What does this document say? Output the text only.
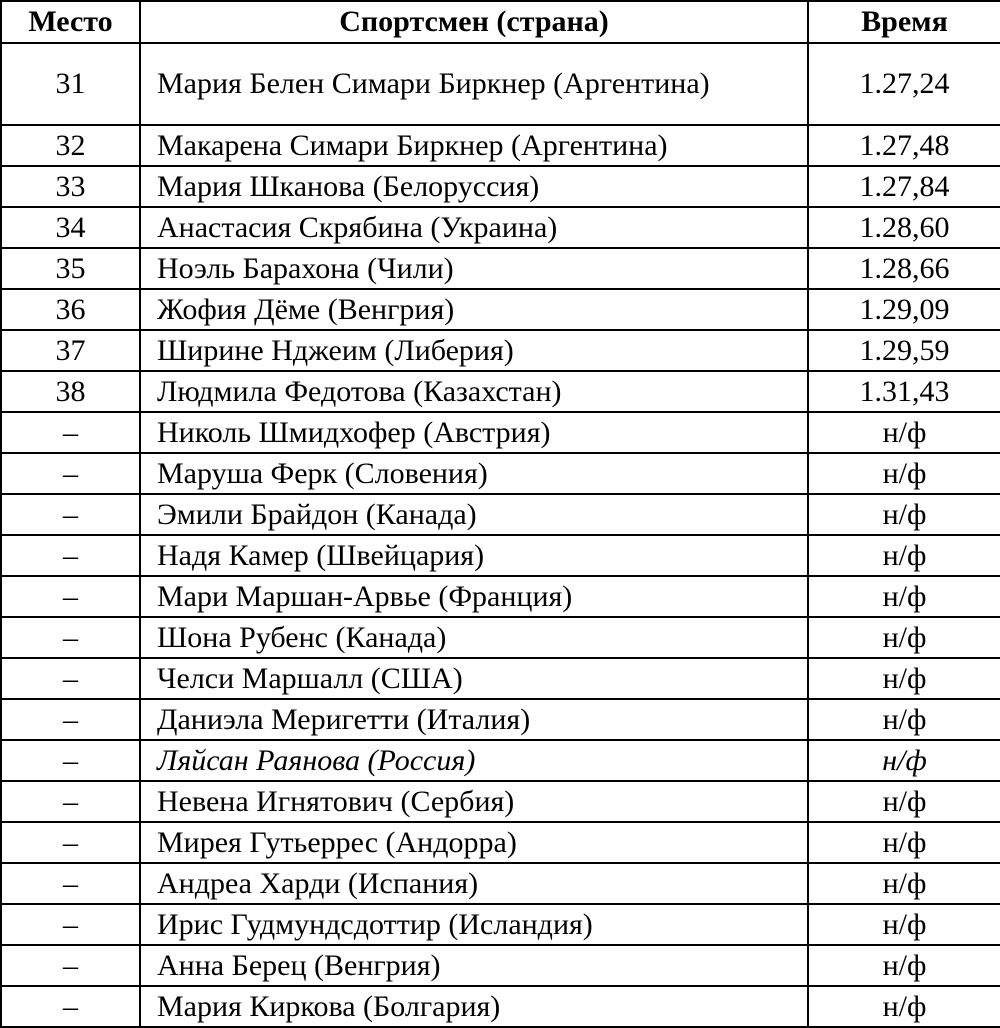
Место	Спортсмен (страна)	Время
31	Мария Белен Симари Биркнер (Аргентина)	1.27,24
32	Макарена Симари Биркнер (Аргентина)	1.27,48
33	Мария Шканова (Белоруссия)	1.27,84
34	Анастасия Скрябина (Украина)	1.28,60
35	Ноэль Барахона (Чили)	1.28,66
36	Жофия Дёме (Венгрия)	1.29,09
37	Ширине Нджеим (Либерия)	1.29,59
38	Людмила Федотова (Казахстан)	1.31,43
–	Николь Шмидхофер (Австрия)	н/ф
–	Маруша Ферк (Словения)	н/ф
–	Эмили Брайдон (Канада)	н/ф
–	Надя Камер (Швейцария)	н/ф
–	Мари Маршан-Арвье (Франция)	н/ф
–	Шона Рубенс (Канада)	н/ф
–	Челси Маршалл (США)	н/ф
–	Даниэла Меригетти (Италия)	н/ф
–	Ляйсан Раянова (Россия)	н/ф
–	Невена Игнятович (Сербия)	н/ф
–	Мирея Гутьеррес (Андорра)	н/ф
–	Андреа Харди (Испания)	н/ф
–	Ирис Гудмундсдоттир (Исландия)	н/ф
–	Анна Берец (Венгрия)	н/ф
–	Мария Киркова (Болгария)	н/ф
